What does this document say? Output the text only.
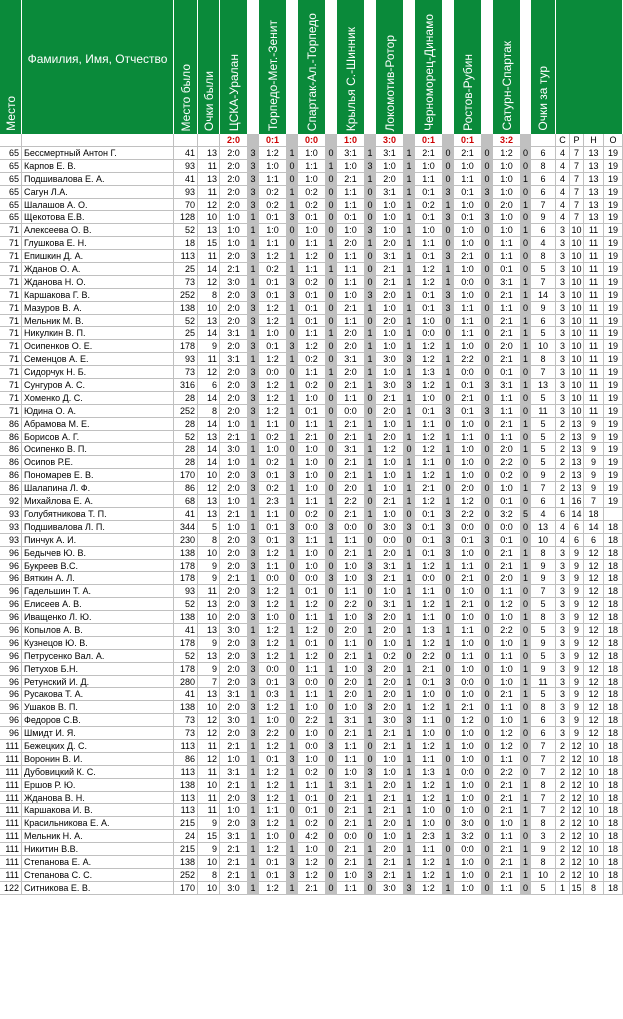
Место
Фамилия, Имя, Отчество
Место было Очки были ЦСКА-Уралан Торпедо-Мет.-Зенит Спартак-Ал.-Торпедо Крылья С.-Шинник Локомотив-Ротор Черноморец-Динамо Ростов-Рубин Сатурн-Спартак Очки за тур
2:0	0:1	0:0	1:0	3:0	0:1	0:1	3:2	С Р	Н	О
65 Бессмертный Антон Г.	41	13	2:0	3	1:2	1	1:0	0	3:1	1	3:1	1	2:1	0	2:1	0	1:2	0	6	4 7	13	19
65 Карпов Е. В.	93	11	2:0	3	1:0	0	1:1	1	1:0	3	1:0	1	1:0	0	1:0	0	1:0	0	8	4 7	13	19
65 Подшивалова Е. А.	41	13	2:0	3	1:1	0	1:0	0	2:1	1	2:0	1	1:1	0	1:1	0	1:0	1	6	4 7	13	19
65 Сагун Л.А.	93	11	2:0	3	0:2	1	0:2	0	1:1	0	3:1	1	0:1	3	0:1	3	1:0	0	6	4 7	13	19
65 Шалашов А. О.	70	12	2:0	3	0:2	1	0:2	0	1:1	0	1:0	1	0:2	1	1:0	0	2:0	1	7	4 7	13	19
65 Щекотова Е.В.	128	10	1:0	1	0:1	3	0:1	0	0:1	0	1:0	1	0:1	3	0:1	3	1:0	0	9	4 7	13	19
71 Алексеева О. В.	52	13	1:0	1	1:0	0	1:0	0	1:0	3	1:0	1	1:0	0	1:0	0	1:0	1	6	3 10 11	19
71 Глушкова Е. Н.	18	15	1:0	1	1:1	0	1:1	1	2:0	1	2:0	1	1:1	0	1:0	0	1:1	0	4	3 10 11	19
71 Епишкин Д. А.	113	11	2:0	3	1:2	1	1:2	0	1:1	0	3:1	1	0:1	3	2:1	0	1:1	0	8	3 10 11	19
71 Жданов О. А.	25	14	2:1	1	0:2	1	1:1	1	1:1	0	2:1	1	1:2	1	1:0	0	0:1	0	5	3 10 11	19
71 Жданова Н. О.	73	12	3:0	1	0:1	3	0:2	0	1:1	0	2:1	1	1:2	1	0:0	0	3:1	1	7	3 10 11	19
71 Каршакова Г. В.	252	8	2:0	3	0:1	3	0:1	0	1:0	3	2:0	1	0:1	3	1:0	0	2:1	1	14	3 10 11	19
71 Мазуров В. А.	138	10	2:0	3	1:2	1	0:1	0	2:1	1	1:0	1	0:1	3	1:1	0	1:1	0	9	3 10 11	19
71 Мельник М. В.	52	13	2:0	3	1:2	1	0:1	0	1:1	0	2:0	1	1:0	0	1:1	0	2:1	1	6	3 10 11	19
71 Никулкин В. П.	25	14	3:1	1	1:0	0	1:1	1	2:0	1	1:0	1	0:0	0	1:1	0	2:1	1	5	3 10 11	19
71 Осипенков О. Е.	178	9	2:0	3	0:1	3	1:2	0	2:0	1	1:0	1	1:2	1	1:0	0	2:0	1	10	3 10 11	19
71 Семенцов А. Е.	93	11	3:1	1	1:2	1	0:2	0	3:1	1	3:0	3	1:2	1	2:2	0	2:1	1	8	3 10 11	19
71 Сидорчук Н. Б.	73	12	2:0	3	0:0	0	1:1	1	2:0	1	1:0	1	1:3	1	0:0	0	0:1	0	7	3 10 11	19
71 Сунгуров А. С.	316	6	2:0	3	1:2	1	0:2	0	2:1	1	3:0	3	1:2	1	0:1	3	3:1	1	13	3 10 11	19
71 Хоменко Д. С.	28	14	2:0	3	1:2	1	1:0	0	1:1	0	2:1	1	1:0	0	2:1	0	1:1	0	5	3 10 11	19
71 Юдина О. А.	252	8	2:0	3	1:2	1	0:1	0	0:0	0	2:0	1	0:1	3	0:1	3	1:1	0	11	3 10 11	19
86 Абрамова М. Е.	28	14	1:0	1	1:1	0	1:1	1	2:1	1	1:0	1	1:1	0	1:0	0	2:1	1	5	2 13	9	19
86 Борисов А. Г.	52	13	2:1	1	0:2	1	2:1	0	2:1	1	2:0	1	1:2	1	1:1	0	1:1	0	5	2 13	9	19
86 Осипенко В. П.	28	14	3:0	1	1:0	0	1:0	0	3:1	1	1:2	0	1:2	1	1:0	0	2:0	1	5	2 13	9	19
86 Осипов Р.Е.	28	14	1:0	1	0:2	1	1:0	0	2:1	1	1:0	1	1:1	0	1:0	0	2:2	0	5	2 13	9	19
86 Пономарев Е. В.	170	10	2:0	3	0:1	3	1:0	0	2:1	1	1:0	1	1:2	1	1:0	0	0:2	0	9	2 13	9	19
86 Шалапина Л. Ф.	86	12	2:0	3	0:2	1	1:0	0	2:0	1	1:0	1	2:1	0	2:0	0	1:0	1	7	2 13	9	19
92 Михайлова Е. А.	68	13	1:0	1	2:3	1	1:1	1	2:2	0	2:1	1	1:2	1	1:2	0	0:1	0	6	1 16	7	19
93 Голубятникова Т. П.	41	13	2:1	1	1:1	0	0:2	0	2:1	1	1:0	0	0:1	3	2:2	0	3:2	5	4	6 14 18
93 Подшивалова Л. П.	344	5	1:0	1	0:1	3	0:0	3	0:0	0	3:0	3	0:1	3	0:0	0	0:0	0	13	4 6	14	18
93 Пинчук А. И.	230	8	2:0	3	0:1	3	1:1	1	1:1	0	0:0	0	0:1	3	0:1	3	0:1	0	10	4 6	6	18
96 Бедычев Ю. В.	138	10	2:0	3	1:2	1	1:0	0	2:1	1	2:0	1	0:1	3	1:0	0	2:1	1	8	3 9	12	18
96 Букреев В.С.	178	9	2:0	3	1:1	0	1:0	0	1:0	3	3:1	1	1:2	1	1:1	0	2:1	1	9	3 9	12	18
96 Вяткин А. Л.	178	9	2:1	1	0:0	0	0:0	3	1:0	3	2:1	1	0:0	0	2:1	0	2:0	1	9	3 9	12	18
96 Гадельшин Т. А.	93	11	2:0	3	1:2	1	0:1	0	1:1	0	1:0	1	1:1	0	1:0	0	1:1	0	7	3 9	12	18
96 Елисеев А. В.	52	13	2:0	3	1:2	1	1:2	0	2:2	0	3:1	1	1:2	1	2:1	0	1:2	0	5	3 9	12	18
96 Иващенко Л. Ю.	138	10	2:0	3	1:0	0	1:1	1	1:0	3	2:0	1	1:1	0	1:0	0	1:0	1	8	3 9	12	18
96 Копылов А. В.	41	13	3:0	1	1:2	1	1:2	0	2:0	1	2:0	1	1:3	1	1:1	0	2:2	0	5	3 9	12	18
96 Кузнецов Ю. В.	178	9	2:0	3	1:2	1	0:1	0	1:1	0	1:0	1	1:2	1	1:0	0	1:0	1	9	3 9	12	18
96 Петрусенко Вал. А.	52	13	2:0	3	1:2	1	1:2	0	2:1	1	0:2	0	2:2	0	1:1	0	1:1	0	5	3 9	12	18
96 Петухов Б.Н.	178	9	2:0	3	0:0	0	1:1	1	1:0	3	2:0	1	2:1	0	1:0	0	1:0	1	9	3 9	12	18
96 Ретунский И. Д.	280	7	2:0	3	0:1	3	0:0	0	2:0	1	2:0	1	0:1	3	0:0	0	1:0	1	11	3 9	12	18
96 Русакова Т. А.	41	13	3:1	1	0:3	1	1:1	1	2:0	1	2:0	1	1:0	0	1:0	0	2:1	1	5	3 9	12	18
96 Ушаков В. П.	138	10	2:0	3	1:2	1	1:0	0	1:0	3	2:0	1	1:2	1	2:1	0	1:1	0	8	3 9	12	18
96 Федоров С.В.	73	12	3:0	1	1:0	0	2:2	1	3:1	1	3:0	3	1:1	0	1:2	0	1:0	1	6	3 9	12	18
96 Шмидт И. Я.	73	12	2:0	3	2:2	0	1:0	0	2:1	1	2:1	1	1:0	0	1:0	0	1:2	0	6	3 9	12	18
111 Бежецких Д. С.	113	11	2:1	1	1:2	1	0:0	3	1:1	0	2:1	1	1:2	1	1:0	0	1:2	0	7	2 12 10	18
111 Воронин В. И.	86	12	1:0	1	0:1	3	1:0	0	1:1	0	1:0	1	1:1	0	1:0	0	1:1	0	7	2 12 10	18
111 Дубовицкий К. С.	113	11	3:1	1	1:2	1	0:2	0	1:0	3	1:0	1	1:3	1	0:0	0	2:2	0	7	2 12 10	18
111 Ершов Р. Ю.	138	10	2:1	1	1:2	1	1:1	1	3:1	1	2:0	1	1:2	1	1:0	0	2:1	1	8	2 12 10	18
111 Жданова В. Н.	113	11	2:0	3	1:2	1	0:1	0	2:1	1	2:1	1	1:2	1	1:0	0	2:1	1	7	2 12 10	18
111 Каршакова И. В.	113	11	1:0	1	1:1	0	0:1	0	2:1	1	2:1	1	1:0	0	1:0	0	2:1	1	7	2 12 10	18
111 Красильникова Е. А.	215	9	2:0	3	1:2	1	0:2	0	2:1	1	2:0	1	1:0	0	3:0	0	1:0	1	8	2 12 10	18
111 Мельник Н. А.	24	15	3:1	1	1:0	0	4:2	0	0:0	0	1:0	1	2:3	1	3:2	0	1:1	0	3	2 12 10	18
111 Никитин В.В.	215	9	2:1	1	1:2	1	1:0	0	2:1	1	2:0	1	1:1	0	0:0	0	2:1	1	9	2 12 10	18
111 Степанова Е. А.	138	10	2:1	1	0:1	3	1:2	0	2:1	1	2:1	1	1:2	1	1:0	0	2:1	1	8	2 12 10	18
111 Степанова С. С.	252	8	2:1	1	0:1	3	1:2	0	1:0	3	2:1	1	1:2	1	1:0	0	2:1	1	10	2 12 10	18
122 Ситникова Е. В.	170	10	3:0	1	1:2	1	2:1	0	1:1	0	3:0	3	1:2	1	1:0	0	1:1	0	5	1 15	8	18
